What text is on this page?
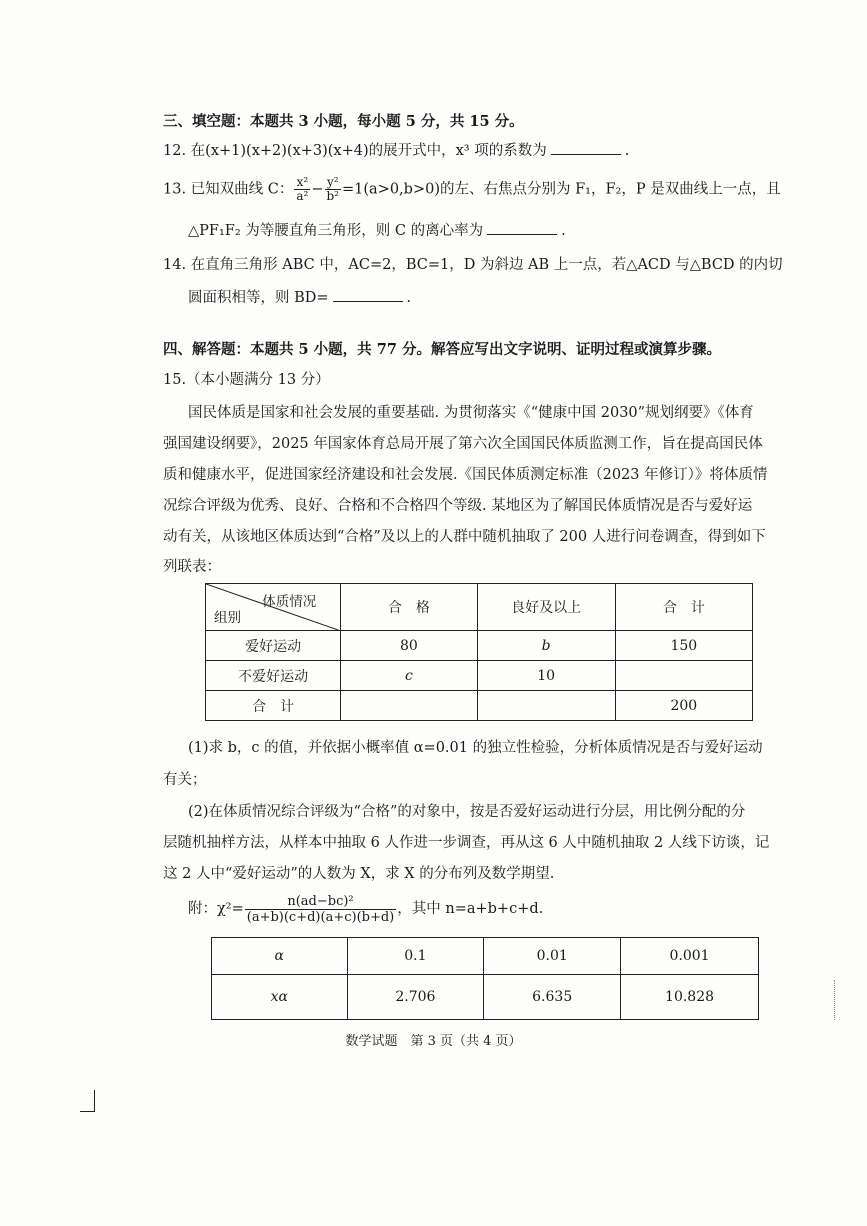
三、填空题：本题共 3 小题，每小题 5 分，共 15 分。
12. 在(x+1)(x+2)(x+3)(x+4)的展开式中，x³ 项的系数为	.
13. 已知双曲线 C： $\frac{\text{x²}}{\text{a²}} - \frac{\text{y²}}{\text{b²}} =1(a>0,b>0)$的左、右焦点分别为 F₁，F₂，P 是双曲线上一点，且
△PF₁F₂ 为等腰直角三角形，则 C 的离心率为	.
14. 在直角三角形 ABC 中，AC=2，BC=1，D 为斜边 AB 上一点，若△ACD 与△BCD 的内切
圆面积相等，则 BD=	.
四、解答题：本题共 5 小题，共 77 分。解答应写出文字说明、证明过程或演算步骤。
15.（本小题满分 13 分）
国民体质是国家和社会发展的重要基础. 为贯彻落实《“健康中国 2030”规划纲要》《体育
强国建设纲要》，2025 年国家体育总局开展了第六次全国国民体质监测工作，旨在提高国民体
质和健康水平，促进国家经济建设和社会发展.《国民体质测定标准（2023 年修订）》将体质情
况综合评级为优秀、良好、合格和不合格四个等级. 某地区为了解国民体质情况是否与爱好运
动有关，从该地区体质达到“合格”及以上的人群中随机抽取了 200 人进行问卷调查，得到如下
列联表：
体质情况
组别	合　格	良好及以上	合　计
爱好运动	80	b	150
不爱好运动	c	10	
合　计			200
(1)求 b，c 的值，并依据小概率值 α=0.01 的独立性检验，分析体质情况是否与爱好运动
有关；
(2)在体质情况综合评级为“合格”的对象中，按是否爱好运动进行分层，用比例分配的分
层随机抽样方法，从样本中抽取 6 人作进一步调查，再从这 6 人中随机抽取 2 人线下访谈，记
这 2 人中“爱好运动”的人数为 X，求 X 的分布列及数学期望.
附：$\chi^2= \frac{\text{n(ad−bc)²}}{(a+b)(c+d)(a+c)(b+d)}$ ，其中 n=a+b+c+d.
α	0.1	0.01	0.001
xα	2.706	6.635	10.828
数学试题　第 3 页（共 4 页）
